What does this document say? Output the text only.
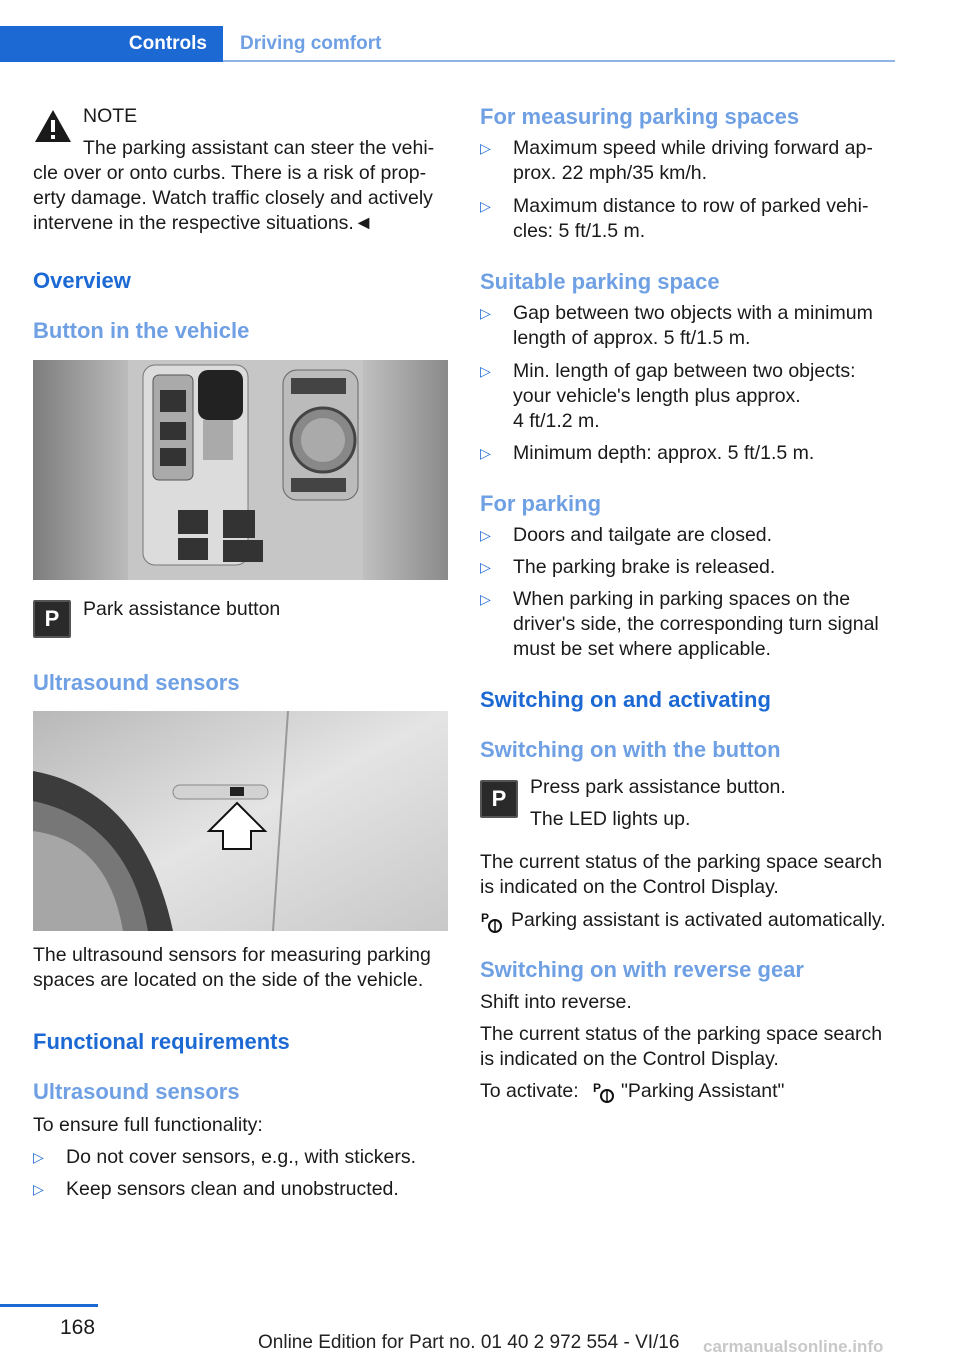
Controls	Driving comfort

NOTE

The parking assistant can steer the vehi-

cle over or onto curbs. There is a risk of prop-

erty damage. Watch traffic closely and actively

intervene in the respective situations.◄

Overview
Button in the vehicle
P	Park assistance button

Ultrasound sensors

The ultrasound sensors for measuring parking

spaces are located on the side of the vehicle.

Functional requirements
Ultrasound sensors

To ensure full functionality:

▷ Do not cover sensors, e.g., with stickers.
▷ Keep sensors clean and unobstructed.
For measuring parking spaces
▷ Maximum speed while driving forward ap-

prox. 22 mph/35 km/h.

▷ Maximum distance to row of parked vehi-

cles: 5 ft/1.5 m.

Suitable parking space
▷ Gap between two objects with a minimum

length of approx. 5 ft/1.5 m.

▷ Min. length of gap between two objects:

your vehicle's length plus approx.

4 ft/1.2 m.

▷ Minimum depth: approx. 5 ft/1.5 m.
For parking
▷ Doors and tailgate are closed.
▷ The parking brake is released.
▷ When parking in parking spaces on the

driver's side, the corresponding turn signal

must be set where applicable.

Switching on and activating
Switching on with the button
P	Press park assistance button.

The LED lights up.

The current status of the parking space search

is indicated on the Control Display.

P Parking assistant is activated automatically.

Switching on with reverse gear

Shift into reverse.

The current status of the parking space search

is indicated on the Control Display.

To activate: P "Parking Assistant"

168
Online Edition for Part no. 01 40 2 972 554 - VI/16 carmanualsonline.info
